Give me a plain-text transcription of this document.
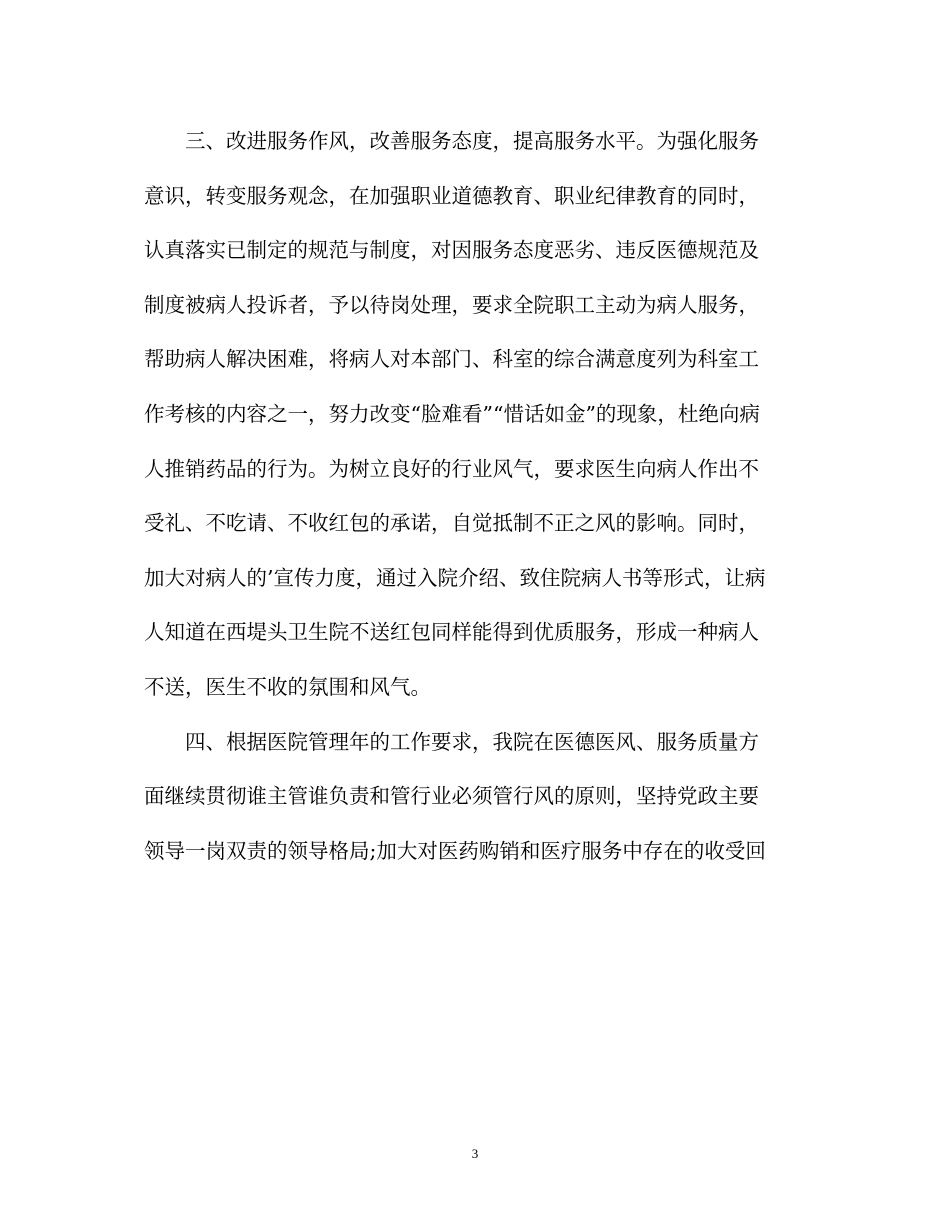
三、改进服务作风，改善服务态度，提高服务水平。为强化服务
意识，转变服务观念，在加强职业道德教育、职业纪律教育的同时，
认真落实已制定的规范与制度，对因服务态度恶劣、违反医德规范及
制度被病人投诉者，予以待岗处理，要求全院职工主动为病人服务，
帮助病人解决困难，将病人对本部门、科室的综合满意度列为科室工
作考核的内容之一，努力改变“脸难看”“惜话如金”的现象，杜绝向病
人推销药品的行为。为树立良好的行业风气，要求医生向病人作出不
受礼、不吃请、不收红包的承诺，自觉抵制不正之风的影响。同时，
加大对病人的’宣传力度，通过入院介绍、致住院病人书等形式，让病
人知道在西堤头卫生院不送红包同样能得到优质服务，形成一种病人
不送，医生不收的氛围和风气。
四、根据医院管理年的工作要求，我院在医德医风、服务质量方
面继续贯彻谁主管谁负责和管行业必须管行风的原则，坚持党政主要
领导一岗双责的领导格局;加大对医药购销和医疗服务中存在的收受回
3
